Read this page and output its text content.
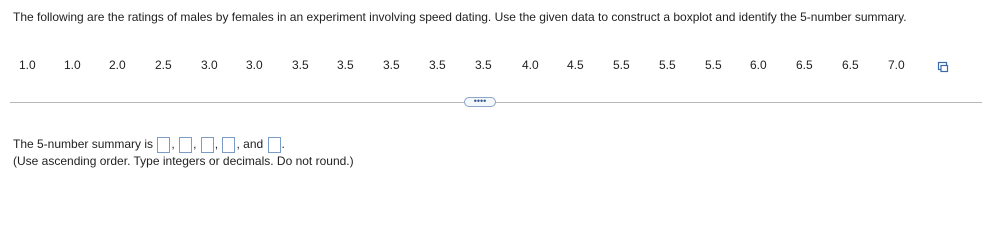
The following are the ratings of males by females in an experiment involving speed dating. Use the given data to construct a boxplot and identify the 5-number summary.
1.0 1.0 2.0 2.5 3.0 3.0 3.5 3.5 3.5 3.5 3.5	4.0 4.5 5.5 5.5 5.5 6.0 6.5 6.5 7.0
••••
The 5-number summary is , , , , and .
(Use ascending order. Type integers or decimals. Do not round.)
